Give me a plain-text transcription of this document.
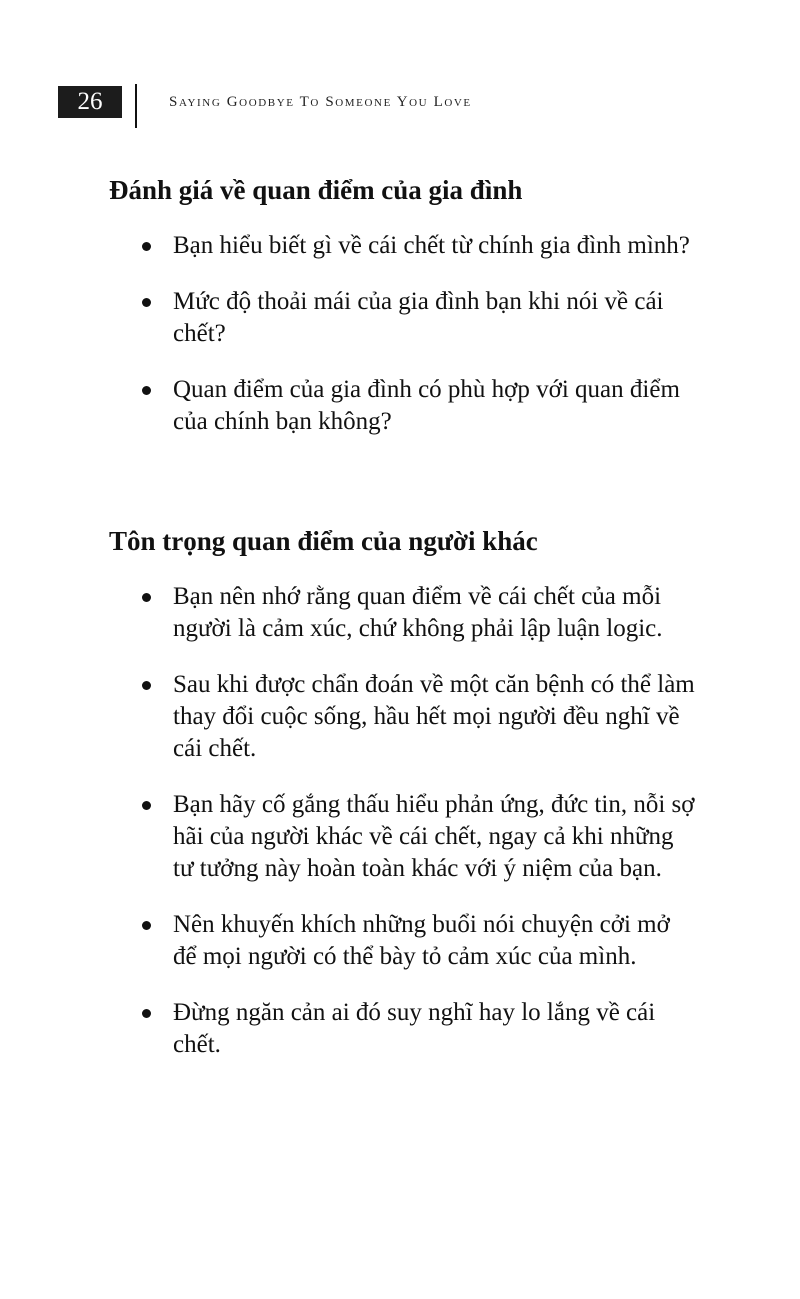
26	Saying Goodbye To Someone You Love
Đánh giá về quan điểm của gia đình
Bạn hiểu biết gì về cái chết từ chính gia đình mình?
Mức độ thoải mái của gia đình bạn khi nói về cái chết?
Quan điểm của gia đình có phù hợp với quan điểm của chính bạn không?
Tôn trọng quan điểm của người khác
Bạn nên nhớ rằng quan điểm về cái chết của mỗi người là cảm xúc, chứ không phải lập luận logic.
Sau khi được chẩn đoán về một căn bệnh có thể làm thay đổi cuộc sống, hầu hết mọi người đều nghĩ về cái chết.
Bạn hãy cố gắng thấu hiểu phản ứng, đức tin, nỗi sợ hãi của người khác về cái chết, ngay cả khi những tư tưởng này hoàn toàn khác với ý niệm của bạn.
Nên khuyến khích những buổi nói chuyện cởi mở để mọi người có thể bày tỏ cảm xúc của mình.
Đừng ngăn cản ai đó suy nghĩ hay lo lắng về cái chết.
